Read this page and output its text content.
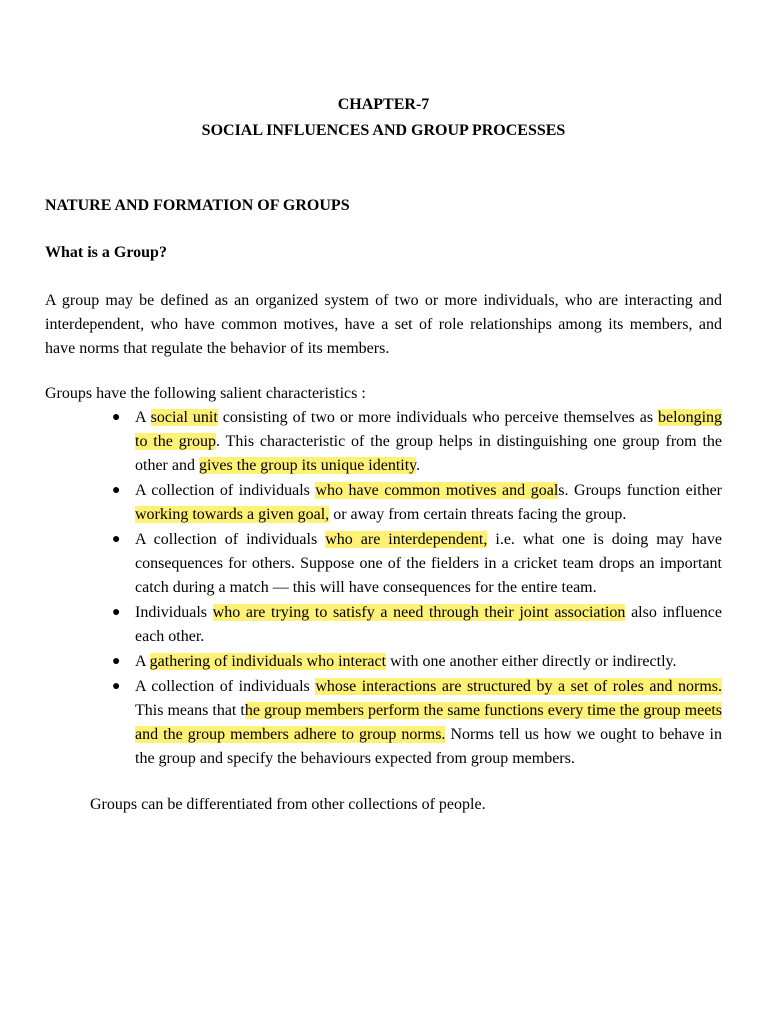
CHAPTER-7

SOCIAL INFLUENCES AND GROUP PROCESSES

NATURE AND FORMATION OF GROUPS

What is a Group?

A group may be defined as an organized system of two or more individuals, who are interacting and interdependent, who have common motives, have a set of role relationships among its members, and have norms that regulate the behavior of its members.

Groups have the following salient characteristics :

● A social unit consisting of two or more individuals who perceive themselves as belonging to the group. This characteristic of the group helps in distinguishing one group from the other and gives the group its unique identity.
● A collection of individuals who have common motives and goals. Groups function either working towards a given goal, or away from certain threats facing the group.
● A collection of individuals who are interdependent, i.e. what one is doing may have consequences for others. Suppose one of the fielders in a cricket team drops an important catch during a match — this will have consequences for the entire team.
● Individuals who are trying to satisfy a need through their joint association also influence each other.
● A gathering of individuals who interact with one another either directly or indirectly.
● A collection of individuals whose interactions are structured by a set of roles and norms. This means that the group members perform the same functions every time the group meets and the group members adhere to group norms. Norms tell us how we ought to behave in the group and specify the behaviours expected from group members.

Groups can be differentiated from other collections of people.
